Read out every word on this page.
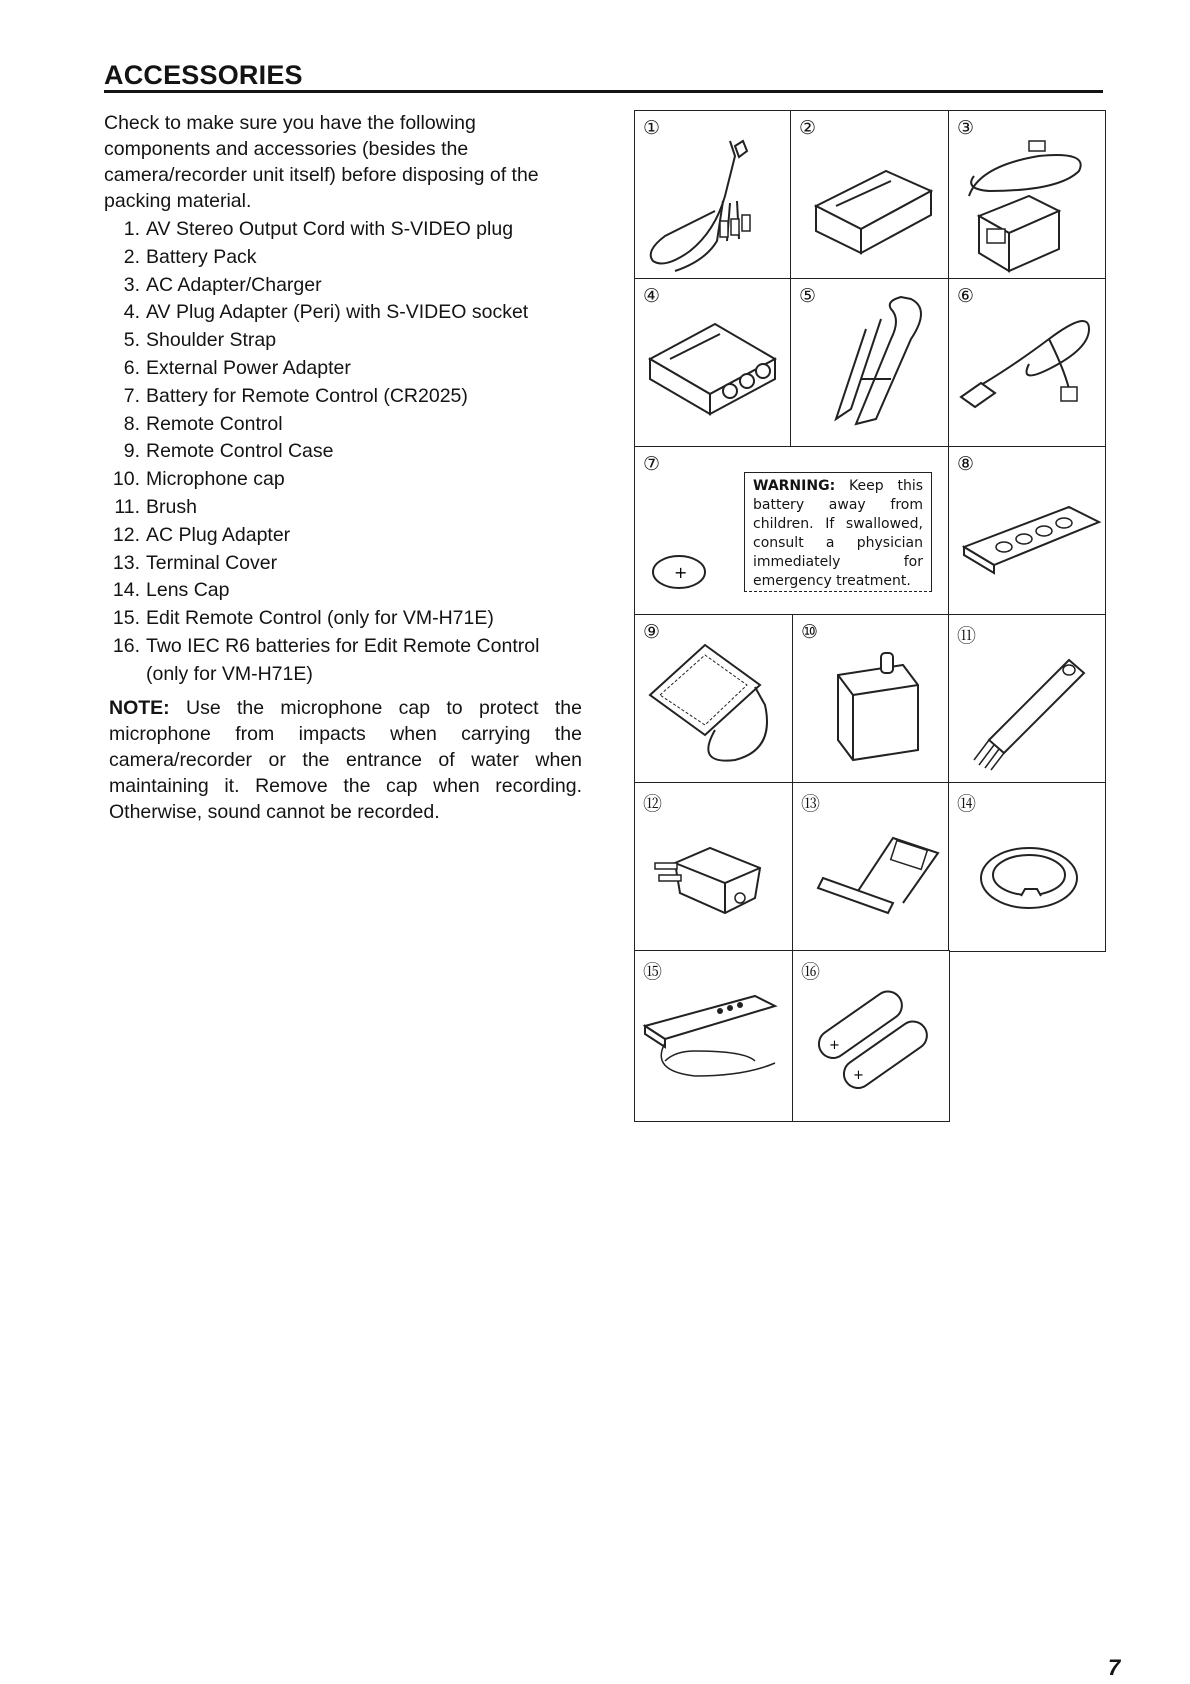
ACCESSORIES
Check to make sure you have the following components and accessories (besides the camera/recorder unit itself) before disposing of the packing material.
1. AV Stereo Output Cord with S-VIDEO plug
2. Battery Pack
3. AC Adapter/Charger
4. AV Plug Adapter (Peri) with S-VIDEO socket
5. Shoulder Strap
6. External Power Adapter
7. Battery for Remote Control (CR2025)
8. Remote Control
9. Remote Control Case
10. Microphone cap
11. Brush
12. AC Plug Adapter
13. Terminal Cover
14. Lens Cap
15. Edit Remote Control (only for VM-H71E)
16. Two IEC R6 batteries for Edit Remote Control
(only for VM-H71E)
NOTE: Use the microphone cap to protect the microphone from impacts when carrying the camera/recorder or the entrance of water when maintaining it. Remove the cap when recording. Otherwise, sound cannot be recorded.
①	②	③
④	⑤	⑥
⑦
+
WARNING: Keep this battery away from children. If swallowed, consult a physician immediately for emergency treatment.
⑧
⑨	⑩	⑪
⑫	⑬	⑭
⑮	⑯
+
+
7
